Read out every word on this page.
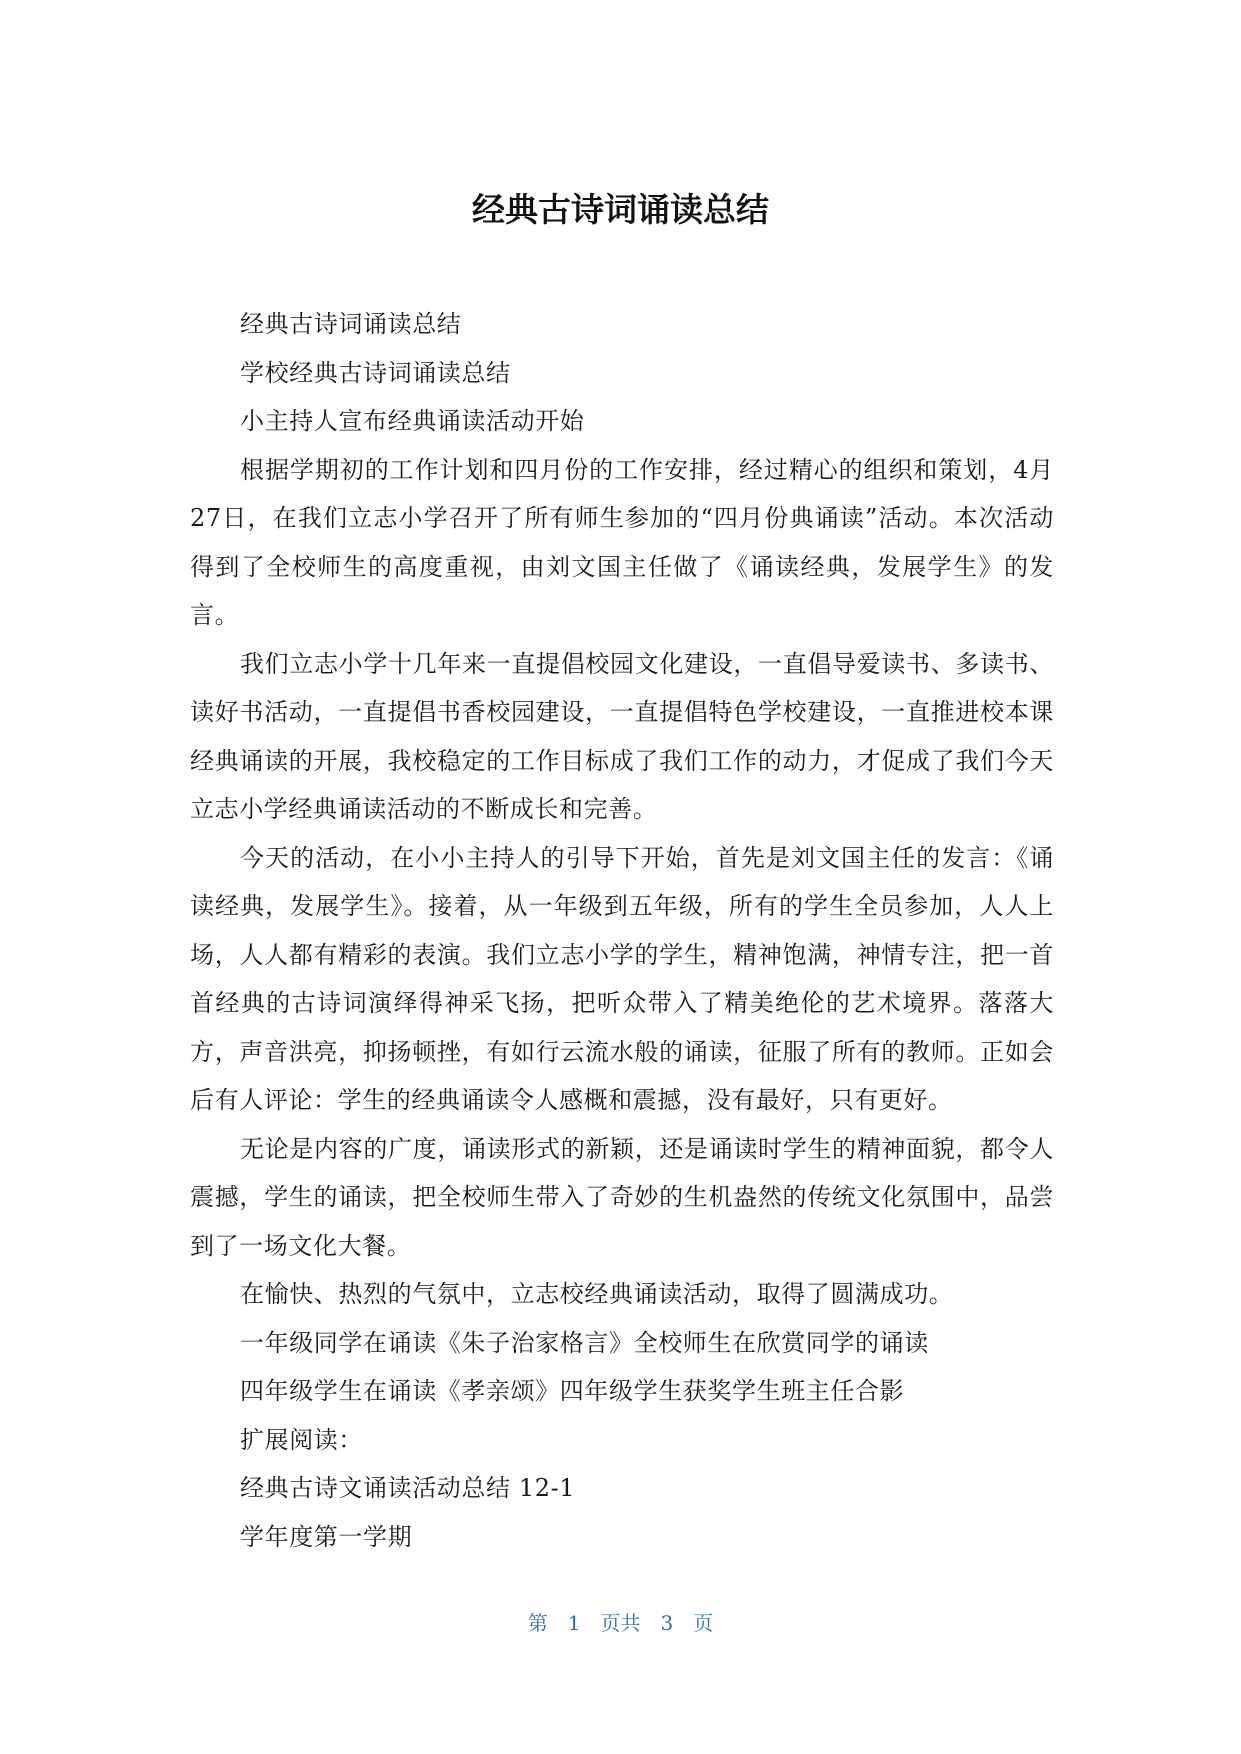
经典古诗词诵读总结

经典古诗词诵读总结

学校经典古诗词诵读总结

小主持人宣布经典诵读活动开始

根据学期初的工作计划和四月份的工作安排，经过精心的组织和策划，4月27日，在我们立志小学召开了所有师生参加的“四月份典诵读”活动。本次活动得到了全校师生的高度重视，由刘文国主任做了《诵读经典，发展学生》的发言。

我们立志小学十几年来一直提倡校园文化建设，一直倡导爱读书、多读书、读好书活动，一直提倡书香校园建设，一直提倡特色学校建设，一直推进校本课经典诵读的开展，我校稳定的工作目标成了我们工作的动力，才促成了我们今天立志小学经典诵读活动的不断成长和完善。

今天的活动，在小小主持人的引导下开始，首先是刘文国主任的发言：《诵读经典，发展学生》。接着，从一年级到五年级，所有的学生全员参加，人人上场，人人都有精彩的表演。我们立志小学的学生，精神饱满，神情专注，把一首首经典的古诗词演绎得神采飞扬，把听众带入了精美绝伦的艺术境界。落落大方，声音洪亮，抑扬顿挫，有如行云流水般的诵读，征服了所有的教师。正如会后有人评论：学生的经典诵读令人感概和震撼，没有最好，只有更好。

无论是内容的广度，诵读形式的新颖，还是诵读时学生的精神面貌，都令人震撼，学生的诵读，把全校师生带入了奇妙的生机盎然的传统文化氛围中，品尝到了一场文化大餐。

在愉快、热烈的气氛中，立志校经典诵读活动，取得了圆满成功。

一年级同学在诵读《朱子治家格言》全校师生在欣赏同学的诵读

四年级学生在诵读《孝亲颂》四年级学生获奖学生班主任合影

扩展阅读：

经典古诗文诵读活动总结 12-1

学年度第一学期

第 1 页共 3 页
